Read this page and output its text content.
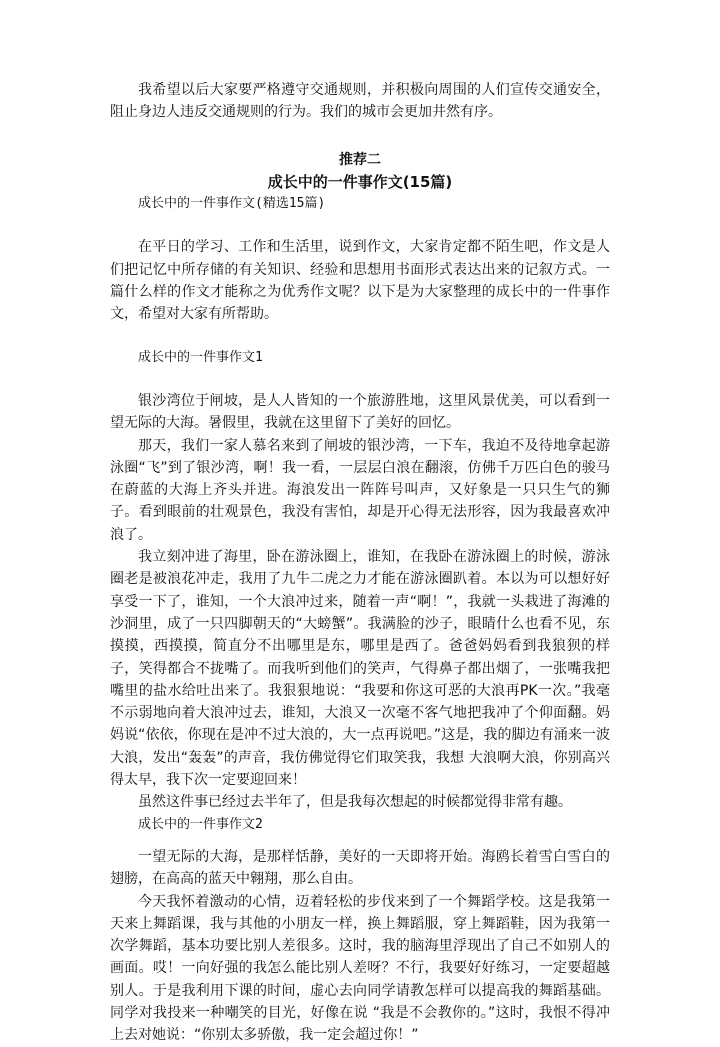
我希望以后大家要严格遵守交通规则，并积极向周围的人们宣传交通安全，阻止身边人违反交通规则的行为。我们的城市会更加井然有序。

推荐二

成长中的一件事作文(15篇)

成长中的一件事作文(精选15篇)

在平日的学习、工作和生活里，说到作文，大家肯定都不陌生吧，作文是人们把记忆中所存储的有关知识、经验和思想用书面形式表达出来的记叙方式。一篇什么样的作文才能称之为优秀作文呢？以下是为大家整理的成长中的一件事作文，希望对大家有所帮助。

成长中的一件事作文1

银沙湾位于闸坡，是人人皆知的一个旅游胜地，这里风景优美，可以看到一望无际的大海。暑假里，我就在这里留下了美好的回忆。

那天，我们一家人慕名来到了闸坡的银沙湾，一下车，我迫不及待地拿起游泳圈“飞”到了银沙湾，啊！我一看，一层层白浪在翻滚，仿佛千万匹白色的骏马在蔚蓝的大海上齐头并进。海浪发出一阵阵号叫声，又好象是一只只生气的狮子。看到眼前的壮观景色，我没有害怕，却是开心得无法形容，因为我最喜欢冲浪了。

我立刻冲进了海里，卧在游泳圈上，谁知，在我卧在游泳圈上的时候，游泳圈老是被浪花冲走，我用了九牛二虎之力才能在游泳圈趴着。本以为可以想好好享受一下了，谁知，一个大浪冲过来，随着一声“啊！”，我就一头栽进了海滩的沙洞里，成了一只四脚朝天的“大螃蟹”。我满脸的沙子，眼睛什么也看不见，东摸摸，西摸摸，简直分不出哪里是东，哪里是西了。爸爸妈妈看到我狼狈的样子，笑得都合不拢嘴了。而我听到他们的笑声，气得鼻子都出烟了，一张嘴我把嘴里的盐水给吐出来了。我狠狠地说：“我要和你这可恶的大浪再PK一次。”我毫不示弱地向着大浪冲过去，谁知，大浪又一次毫不客气地把我冲了个仰面翻。妈妈说“依依，你现在是冲不过大浪的，大一点再说吧。”这是，我的脚边有涌来一波大浪，发出“轰轰”的声音，我仿佛觉得它们取笑我，我想 大浪啊大浪，你别高兴得太早，我下次一定要迎回来！

虽然这件事已经过去半年了，但是我每次想起的时候都觉得非常有趣。

成长中的一件事作文2

一望无际的大海，是那样恬静，美好的一天即将开始。海鸥长着雪白雪白的翅膀，在高高的蓝天中翱翔，那么自由。

今天我怀着激动的心情，迈着轻松的步伐来到了一个舞蹈学校。这是我第一天来上舞蹈课，我与其他的小朋友一样，换上舞蹈服，穿上舞蹈鞋，因为我第一次学舞蹈，基本功要比别人差很多。这时，我的脑海里浮现出了自己不如别人的画面。哎！一向好强的我怎么能比别人差呀？不行，我要好好练习，一定要超越别人。于是我利用下课的时间，虚心去向同学请教怎样可以提高我的舞蹈基础。同学对我投来一种嘲笑的目光，好像在说 “我是不会教你的。”这时，我恨不得冲上去对她说：“你别太多骄傲，我一定会超过你！”
